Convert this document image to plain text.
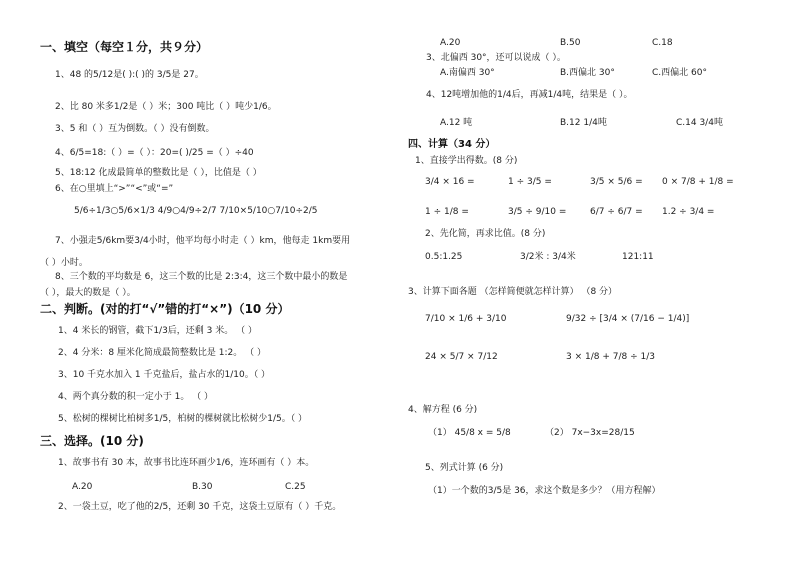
一、填空（每空１分，共９分）
1、48 的5/12是( ):( )的 3/5是 27。
2、比 80 米多1/2是（ ）米；300 吨比（ ）吨少1/6。
3、5 和（ ）互为倒数。（ ）没有倒数。
4、6/5=18:（ ）=（ ）：20=( )/25 =（ ）÷40
5、18:12 化成最简单的整数比是（ ），比值是（ ）
6、在○里填上“>”“<”或“=”
5/6÷1/3○5/6×1/3 4/9○4/9÷2/7 7/10×5/10○7/10÷2/5
7、小强走5/6km要3/4小时，他平均每小时走（ ）km，他每走 1km要用
（ ）小时。
8、三个数的平均数是 6，这三个数的比是 2:3:4，这三个数中最小的数是
（ ），最大的数是（ ）。
二、判断。(对的打“√”错的打“×”)（10 分）
1、4 米长的钢管，截下1/3后，还剩 3 米。 （ ）
2、4 分米：8 厘米化简成最简整数比是 1:2。 （ ）
3、10 千克水加入 1 千克盐后，盐占水的1/10。（ ）
4、两个真分数的积一定小于 1。 （ ）
5、松树的棵树比柏树多1/5，柏树的棵树就比松树少1/5。（ ）
三、选择。(10 分)
1、故事书有 30 本，故事书比连环画少1/6，连环画有（ ）本。
A.20	B.30	C.25
2、一袋土豆，吃了他的2/5，还剩 30 千克，这袋土豆原有（ ）千克。
A.20	B.50	C.18
3、北偏西 30°，还可以说成（ ）。
A.南偏西 30°	B.西偏北 30°	C.西偏北 60°
4、12吨增加他的1/4后，再减1/4吨，结果是（ ）。
A.12 吨	B.12 1/4吨	C.14 3/4吨
四、计算（34 分）
1、直接学出得数。(8 分)
3/4 × 16 =	1 ÷ 3/5 =	3/5 × 5/6 = 0 × 7/8 + 1/8 =
1 ÷ 1/8 =	3/5 ÷ 9/10 =	6/7 ÷ 6/7 = 1.2 ÷ 3/4 =
2、先化简，再求比值。(8 分)
0.5:1.25	3/2米 : 3/4米	121:11
3、计算下面各题 （怎样简便就怎样计算） （8 分）
7/10 × 1/6 + 3/10	9/32 ÷ [3/4 × (7/16 − 1/4)]
24 × 5/7 × 7/12	3 × 1/8 + 7/8 ÷ 1/3
4、解方程 (6 分)
（1） 45/8 x = 5/8	（2） 7x−3x=28/15
5、列式计算 (6 分)
（1）一个数的3/5是 36，求这个数是多少？（用方程解）
